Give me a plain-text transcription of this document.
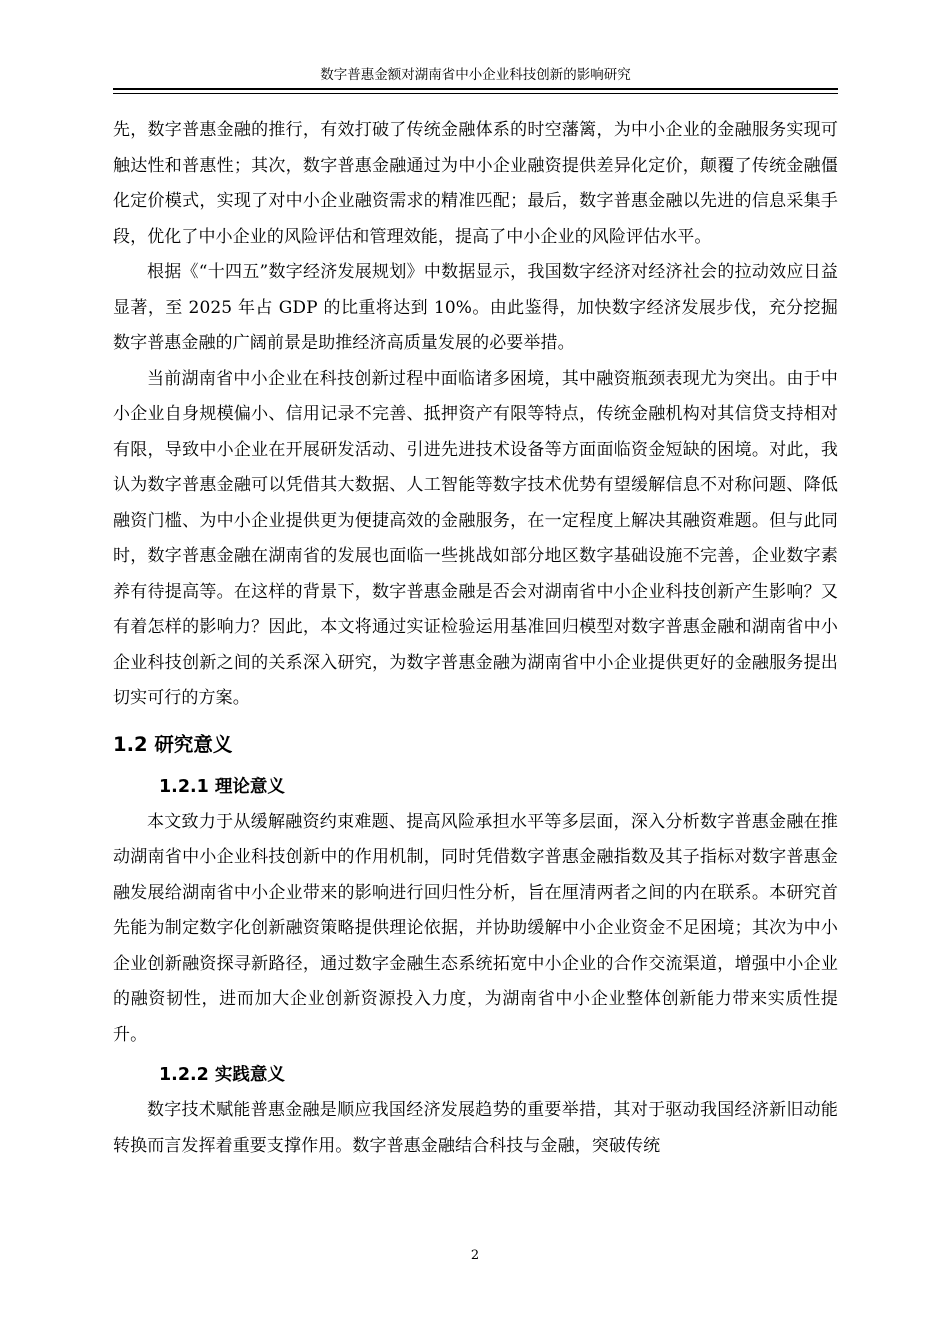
数字普惠金额对湖南省中小企业科技创新的影响研究

先，数字普惠金融的推行，有效打破了传统金融体系的时空藩篱，为中小企业的金融服务实现可触达性和普惠性；其次，数字普惠金融通过为中小企业融资提供差异化定价，颠覆了传统金融僵化定价模式，实现了对中小企业融资需求的精准匹配；最后，数字普惠金融以先进的信息采集手段，优化了中小企业的风险评估和管理效能，提高了中小企业的风险评估水平。

根据《“十四五”数字经济发展规划》中数据显示，我国数字经济对经济社会的拉动效应日益显著，至 2025 年占 GDP 的比重将达到 10%。由此鉴得，加快数字经济发展步伐，充分挖掘数字普惠金融的广阔前景是助推经济高质量发展的必要举措。

当前湖南省中小企业在科技创新过程中面临诸多困境，其中融资瓶颈表现尤为突出。由于中小企业自身规模偏小、信用记录不完善、抵押资产有限等特点，传统金融机构对其信贷支持相对有限，导致中小企业在开展研发活动、引进先进技术设备等方面面临资金短缺的困境。对此，我认为数字普惠金融可以凭借其大数据、人工智能等数字技术优势有望缓解信息不对称问题、降低融资门槛、为中小企业提供更为便捷高效的金融服务，在一定程度上解决其融资难题。但与此同时，数字普惠金融在湖南省的发展也面临一些挑战如部分地区数字基础设施不完善，企业数字素养有待提高等。在这样的背景下，数字普惠金融是否会对湖南省中小企业科技创新产生影响？又有着怎样的影响力？因此，本文将通过实证检验运用基准回归模型对数字普惠金融和湖南省中小企业科技创新之间的关系深入研究，为数字普惠金融为湖南省中小企业提供更好的金融服务提出切实可行的方案。

1.2 研究意义
1.2.1 理论意义

本文致力于从缓解融资约束难题、提高风险承担水平等多层面，深入分析数字普惠金融在推动湖南省中小企业科技创新中的作用机制，同时凭借数字普惠金融指数及其子指标对数字普惠金融发展给湖南省中小企业带来的影响进行回归性分析，旨在厘清两者之间的内在联系。本研究首先能为制定数字化创新融资策略提供理论依据，并协助缓解中小企业资金不足困境；其次为中小企业创新融资探寻新路径，通过数字金融生态系统拓宽中小企业的合作交流渠道，增强中小企业的融资韧性，进而加大企业创新资源投入力度，为湖南省中小企业整体创新能力带来实质性提升。

1.2.2 实践意义

数字技术赋能普惠金融是顺应我国经济发展趋势的重要举措，其对于驱动我国经济新旧动能转换而言发挥着重要支撑作用。数字普惠金融结合科技与金融，突破传统

2
